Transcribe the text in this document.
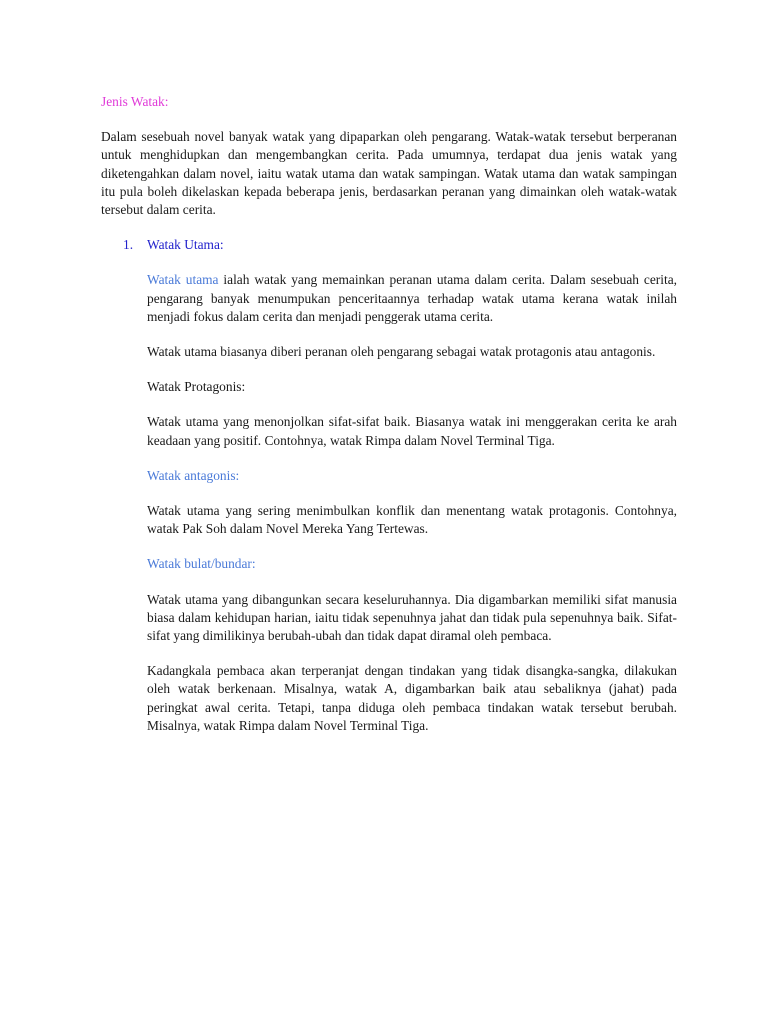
Jenis Watak:

Dalam sesebuah novel banyak watak yang dipaparkan oleh pengarang. Watak-watak tersebut berperanan untuk menghidupkan dan mengembangkan cerita. Pada umumnya, terdapat dua jenis watak yang diketengahkan dalam novel, iaitu watak utama dan watak sampingan. Watak utama dan watak sampingan itu pula boleh dikelaskan kepada beberapa jenis, berdasarkan peranan yang dimainkan oleh watak-watak tersebut dalam cerita.

1. Watak Utama:

Watak utama ialah watak yang memainkan peranan utama dalam cerita. Dalam sesebuah cerita, pengarang banyak menumpukan penceritaannya terhadap watak utama kerana watak inilah menjadi fokus dalam cerita dan menjadi penggerak utama cerita.

Watak utama biasanya diberi peranan oleh pengarang sebagai watak protagonis atau antagonis.

Watak Protagonis:

Watak utama yang menonjolkan sifat-sifat baik. Biasanya watak ini menggerakan cerita ke arah keadaan yang positif. Contohnya, watak Rimpa dalam Novel Terminal Tiga.

Watak antagonis:

Watak utama yang sering menimbulkan konflik dan menentang watak protagonis. Contohnya, watak Pak Soh dalam Novel Mereka Yang Tertewas.

Watak bulat/bundar:

Watak utama yang dibangunkan secara keseluruhannya. Dia digambarkan memiliki sifat manusia biasa dalam kehidupan harian, iaitu tidak sepenuhnya jahat dan tidak pula sepenuhnya baik. Sifat-sifat yang dimilikinya berubah-ubah dan tidak dapat diramal oleh pembaca.

Kadangkala pembaca akan terperanjat dengan tindakan yang tidak disangka-sangka, dilakukan oleh watak berkenaan. Misalnya, watak A, digambarkan baik atau sebaliknya (jahat) pada peringkat awal cerita. Tetapi, tanpa diduga oleh pembaca tindakan watak tersebut berubah. Misalnya, watak Rimpa dalam Novel Terminal Tiga.
